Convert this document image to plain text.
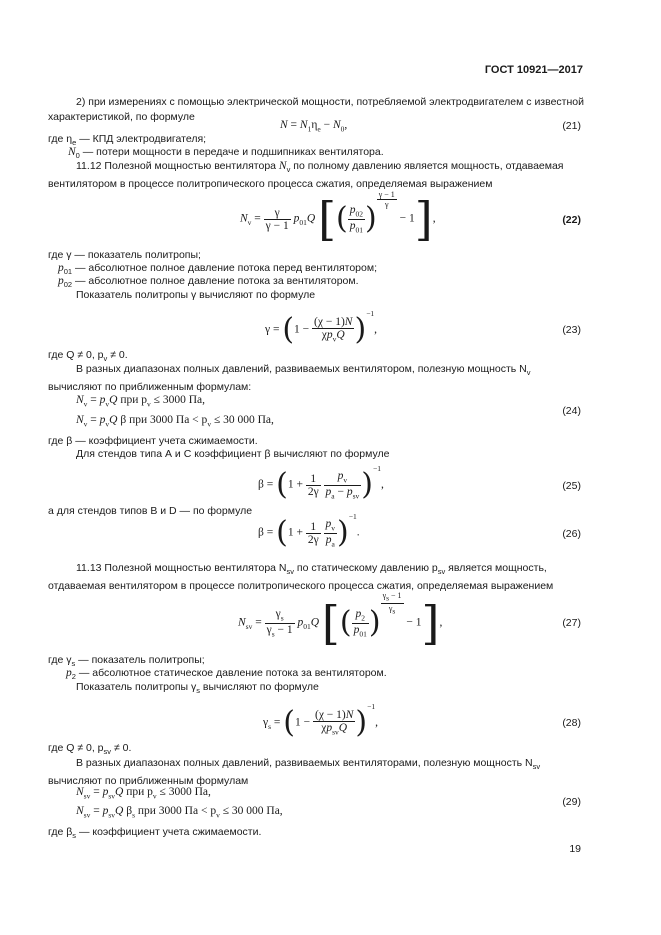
ГОСТ 10921—2017
2) при измерениях с помощью электрической мощности, потребляемой электродвигателем с известной характеристикой, по формуле
$N = N_1\eta_e - N_0$,	(21)
где $\eta_e$ — КПД электродвигателя;
$N_0$ — потери мощности в передаче и подшипниках вентилятора.
11.12 Полезной мощностью вентилятора $N_v$ по полному давлению является мощность, отдаваемая вентилятором в процессе политропического процесса сжатия, определяемая выражением
$N_v = \frac{\gamma}{\gamma - 1} p_{01}Q$ [( $\frac{p_{02}}{p_{01}}$ )
$^{\frac{\gamma - 1}{\gamma}}$
− 1],	(22)
где γ — показатель политропы;
$p_{01}$ — абсолютное полное давление потока перед вентилятором;
$p_{02}$ — абсолютное полное давление потока за вентилятором.
Показатель политропы γ вычисляют по формуле
$\gamma = (1 - \frac{(\chi - 1)N}{\chi p_vQ} )^{-1}$,	(23)
где Q ≠ 0, $p_v \ne 0$.
В разных диапазонах полных давлений, развиваемых вентилятором, полезную мощность $N_v$ вычисляют по приближенным формулам:
$N_v = p_vQ$ при $p_v \le 3000$ Па,
$N_v = p_vQ$ β при 3000 Па < $p_v \le 30$ 000 Па,
(24)
где β — коэффициент учета сжимаемости.
Для стендов типа А и С коэффициент β вычисляют по формуле
$\beta = (1 + \frac{1}{2\gamma}$
$\frac{p_v}{p_a - p_{sv}} )^{-1}$,	(25)
а для стендов типов B и D — по формуле
$\beta = (1 + \frac{1}{2\gamma}$
$\frac{p_v}{p_a} )^{-1}$.	(26)
11.13 Полезной мощностью вентилятора $N_{sv}$ по статическому давлению $p_{sv}$ является мощность, отдаваемая вентилятором в процессе политропического процесса сжатия, определяемая выражением
$N_{sv} = \frac{\gamma_s}{\gamma_s - 1} p_{01}Q$ [( $\frac{p_2}{p_{01}}$ )
$^{\frac{\gamma_s - 1}{\gamma_s}}$
− 1],	(27)
где $\gamma_s$ — показатель политропы;
$p_2$ — абсолютное статическое давление потока за вентилятором.
Показатель политропы $\gamma_s$ вычисляют по формуле
$\gamma_s = (1 - \frac{(\chi - 1)N}{\chi p_{sv}Q} )^{-1}$,	(28)
где Q ≠ 0, $p_{sv} \ne 0$.
В разных диапазонах полных давлений, развиваемых вентиляторами, полезную мощность $N_{sv}$ вычисляют по приближенным формулам
$N_{sv} = p_{sv}Q$ при $p_v \le 3000$ Па,
$N_{sv} = p_{sv}Q$ $\beta_s$ при 3000 Па < $p_v \le 30$ 000 Па,
(29)
где $\beta_s$ — коэффициент учета сжимаемости.
19
